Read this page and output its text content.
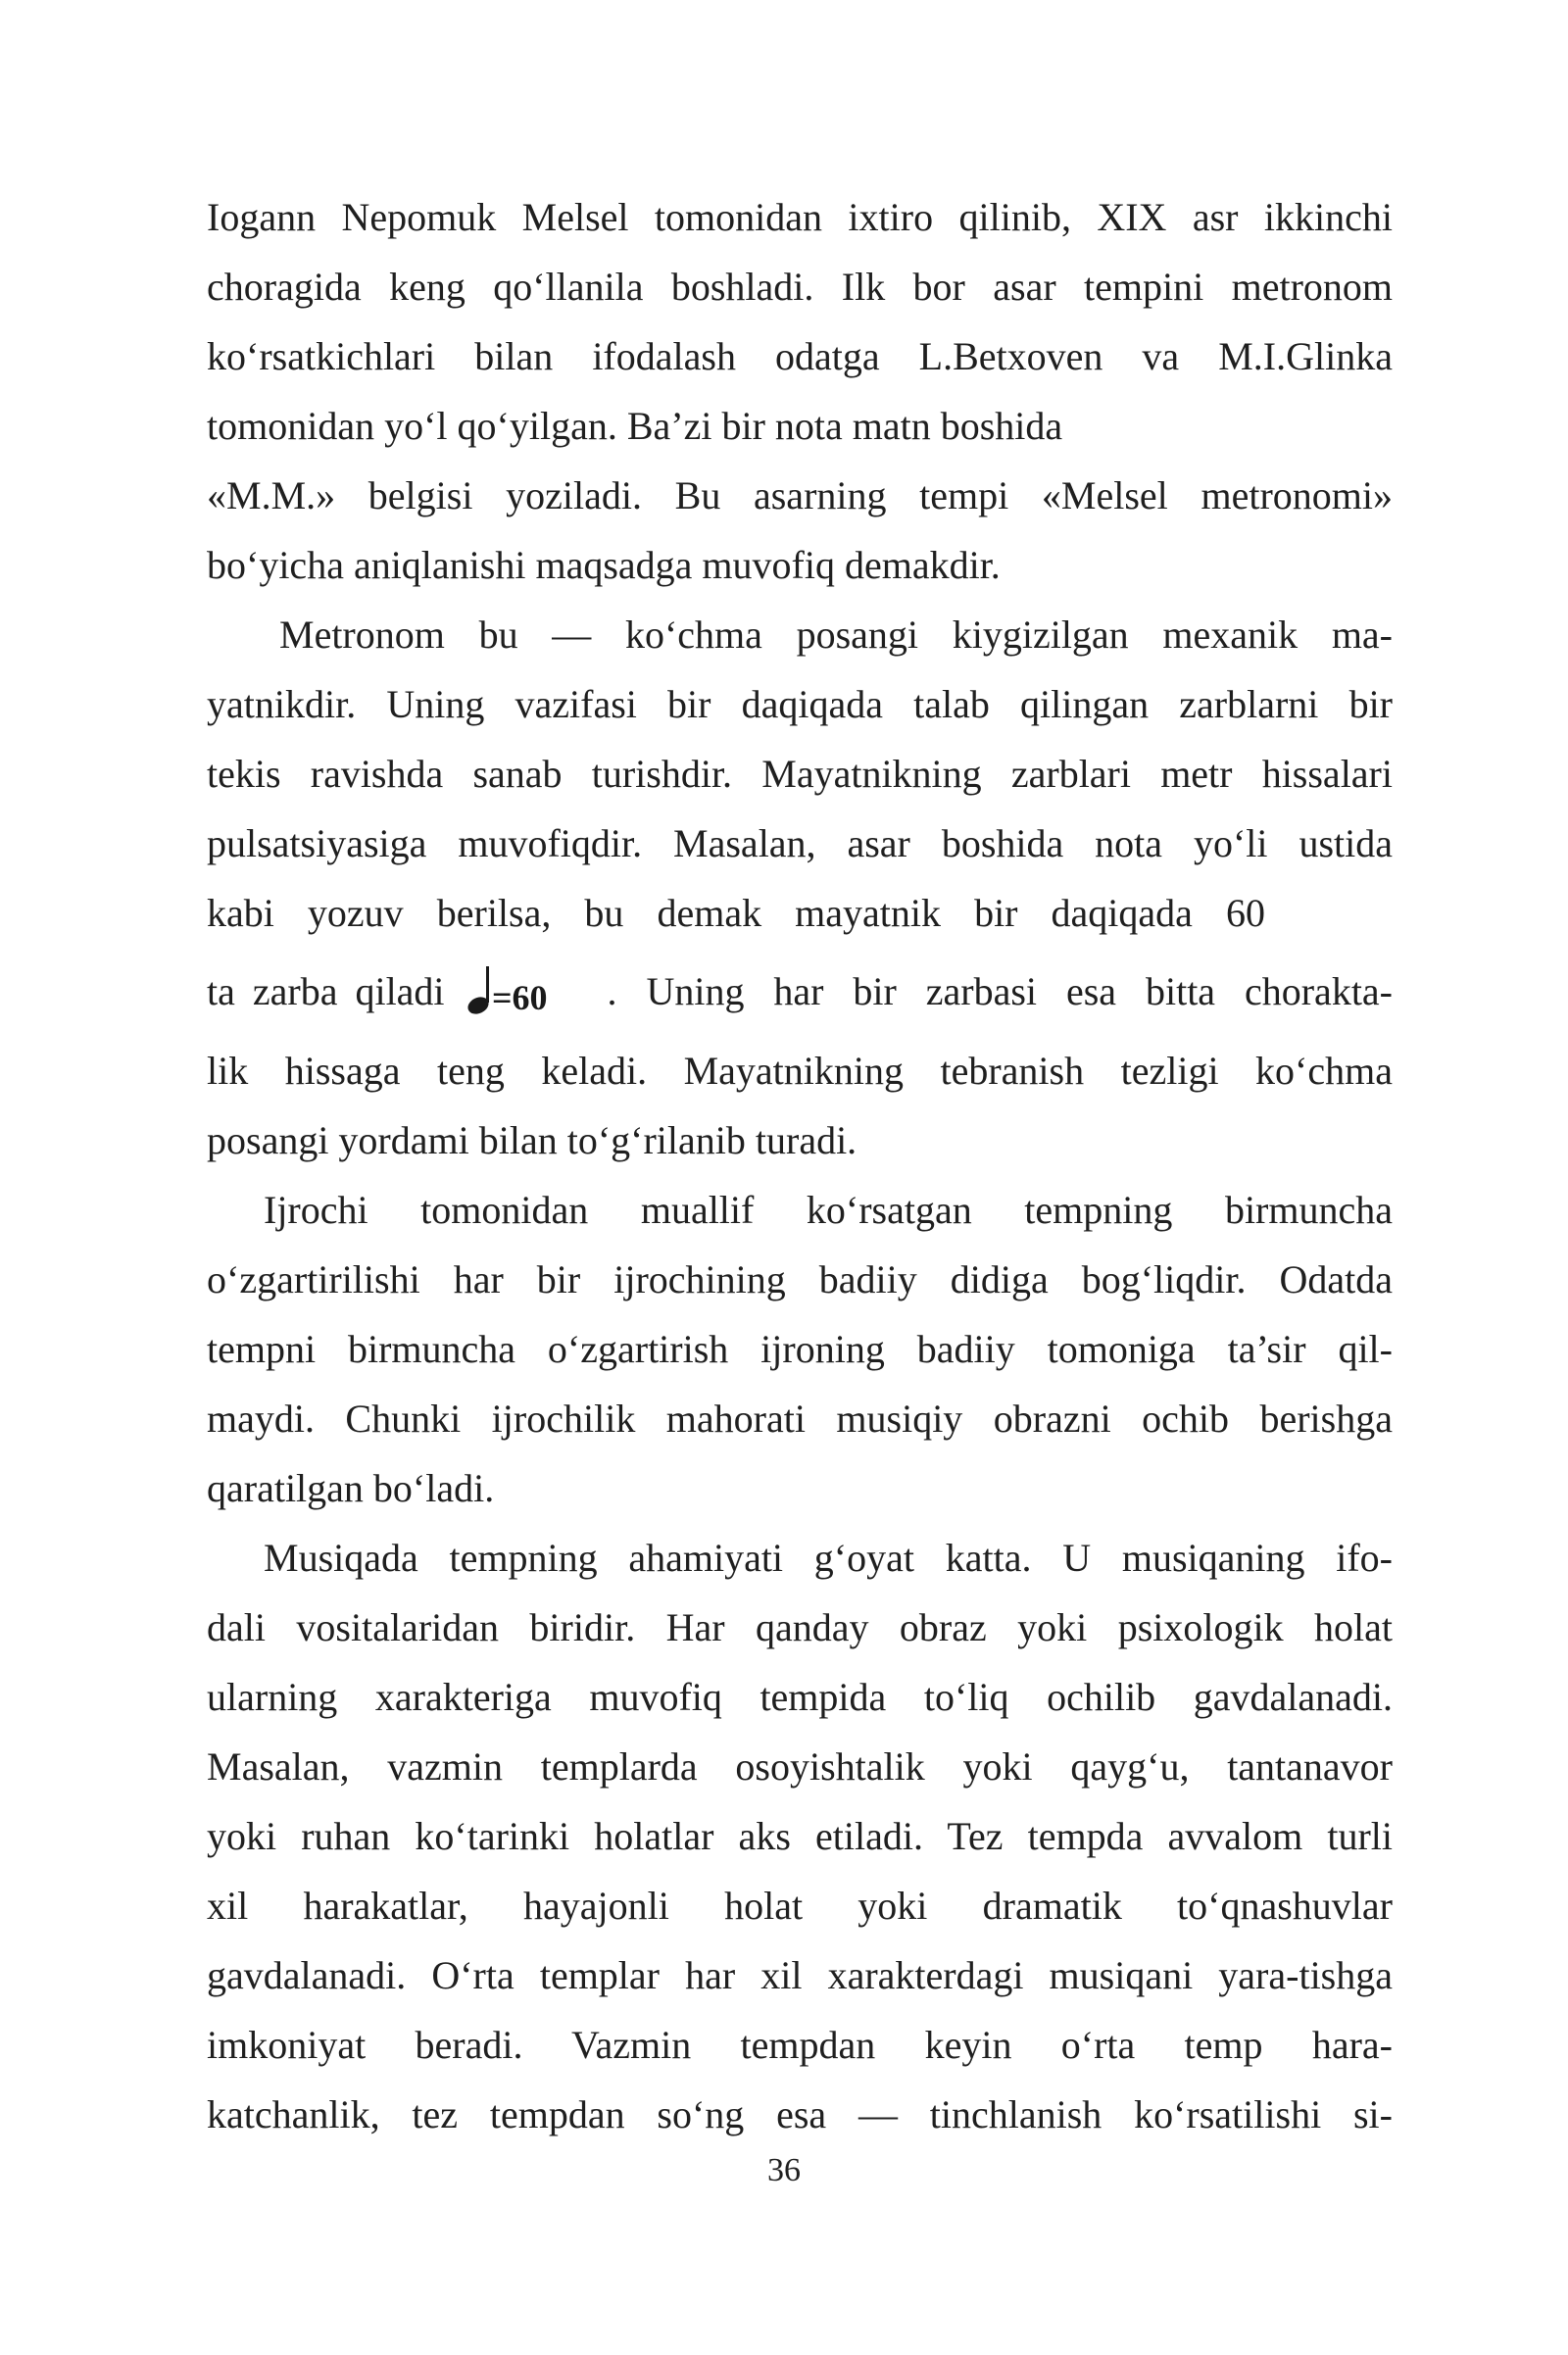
Iogann Nepomuk Melsel tomonidan ixtiro qilinib, XIX asr ikkinchi
choragida keng qo‘llanila boshladi. Ilk bor asar tempini metronom
ko‘rsatkichlari bilan ifodalash odatga L.Betxoven va M.I.Glinka
tomonidan yo‘l qo‘yilgan. Ba’zi bir nota matn boshida
«M.M.» belgisi yoziladi. Bu asarning tempi «Melsel metronomi»
bo‘yicha aniqlanishi maqsadga muvofiq demakdir.
Metronom bu — ko‘chma posangi kiygizilgan mexanik ma-
yatnikdir. Uning vazifasi bir daqiqada talab qilingan zarblarni bir
tekis ravishda sanab turishdir. Mayatnikning zarblari metr hissalari
pulsatsiyasiga muvofiqdir. Masalan, asar boshida nota yo‘li ustida
kabi yozuv berilsa, bu demak mayatnik bir daqiqada 60
ta zarba qiladi =60 . Uning har bir zarbasi esa bitta chorakta-
lik hissaga teng keladi. Mayatnikning tebranish tezligi ko‘chma
posangi yordami bilan to‘g‘rilanib turadi.
Ijrochi tomonidan muallif ko‘rsatgan tempning birmuncha
o‘zgartirilishi har bir ijrochining badiiy didiga bog‘liqdir. Odatda
tempni birmuncha o‘zgartirish ijroning badiiy tomoniga ta’sir qil-
maydi. Chunki ijrochilik mahorati musiqiy obrazni ochib berishga
qaratilgan bo‘ladi.
Musiqada tempning ahamiyati g‘oyat katta. U musiqaning ifo-
dali vositalaridan biridir. Har qanday obraz yoki psixologik holat
ularning xarakteriga muvofiq tempida to‘liq ochilib gavdalanadi.
Masalan, vazmin templarda osoyishtalik yoki qayg‘u, tantanavor
yoki ruhan ko‘tarinki holatlar aks etiladi. Tez tempda avvalom turli
xil harakatlar, hayajonli holat yoki dramatik to‘qnashuvlar
gavdalanadi. O‘rta templar har xil xarakterdagi musiqani yara-tishga
imkoniyat beradi. Vazmin tempdan keyin o‘rta temp hara-
katchanlik, tez tempdan so‘ng esa — tinchlanish ko‘rsatilishi si-
36
